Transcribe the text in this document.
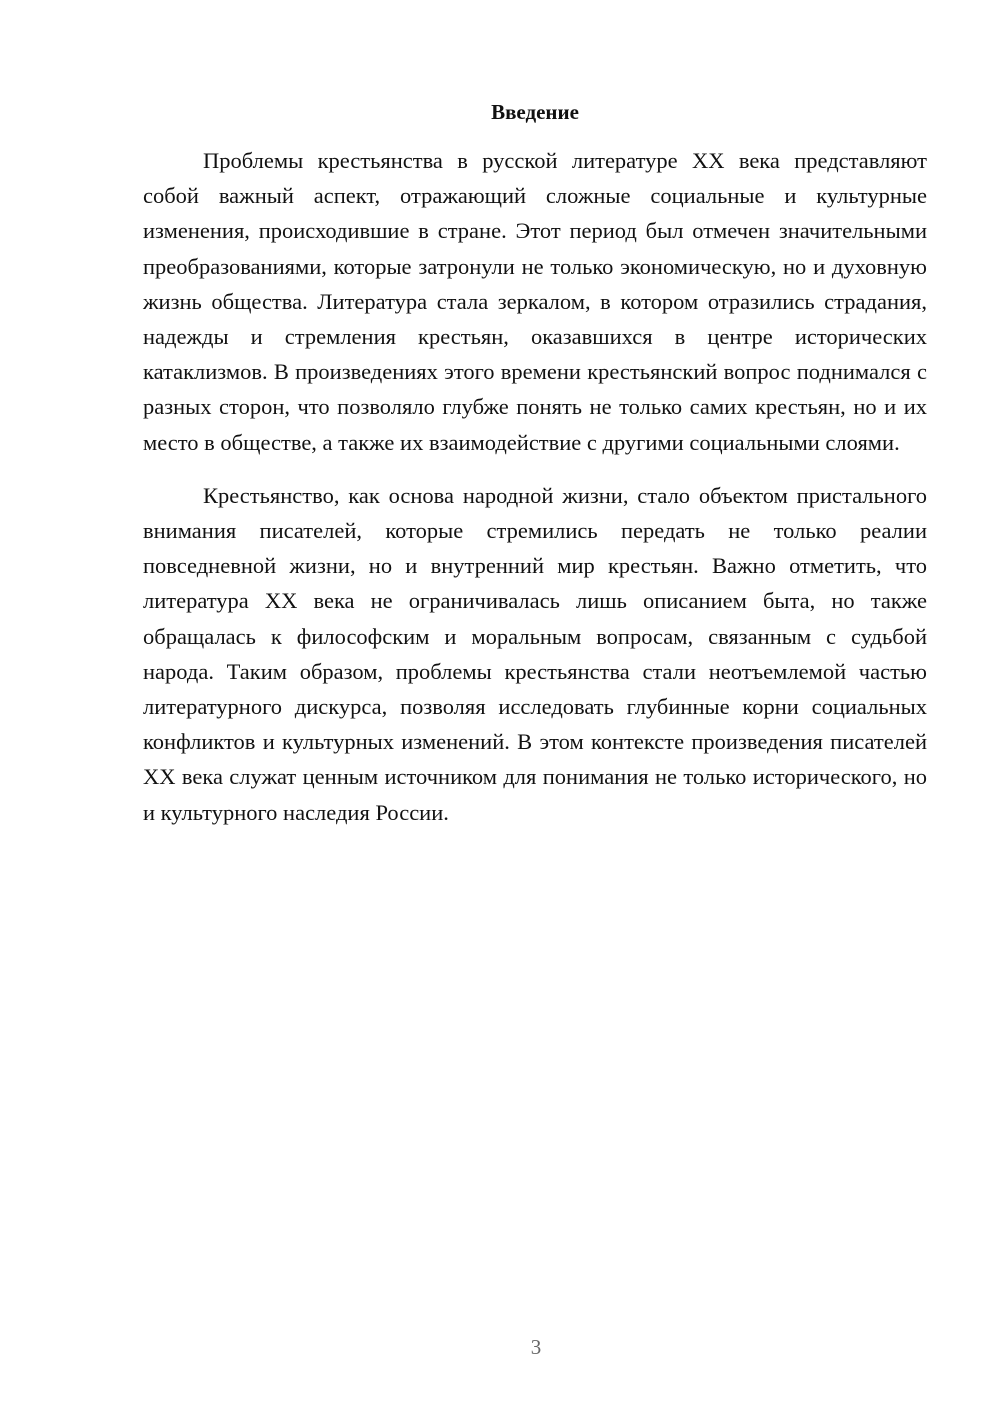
Введение

Проблемы крестьянства в русской литературе XX века представляют собой важный аспект, отражающий сложные социальные и культурные изменения, происходившие в стране. Этот период был отмечен значительными преобразованиями, которые затронули не только экономическую, но и духовную жизнь общества. Литература стала зеркалом, в котором отразились страдания, надежды и стремления крестьян, оказавшихся в центре исторических катаклизмов. В произведениях этого времени крестьянский вопрос поднимался с разных сторон, что позволяло глубже понять не только самих крестьян, но и их место в обществе, а также их взаимодействие с другими социальными слоями.

Крестьянство, как основа народной жизни, стало объектом пристального внимания писателей, которые стремились передать не только реалии повседневной жизни, но и внутренний мир крестьян. Важно отметить, что литература XX века не ограничивалась лишь описанием быта, но также обращалась к философским и моральным вопросам, связанным с судьбой народа. Таким образом, проблемы крестьянства стали неотъемлемой частью литературного дискурса, позволяя исследовать глубинные корни социальных конфликтов и культурных изменений. В этом контексте произведения писателей XX века служат ценным источником для понимания не только исторического, но и культурного наследия России.

3
